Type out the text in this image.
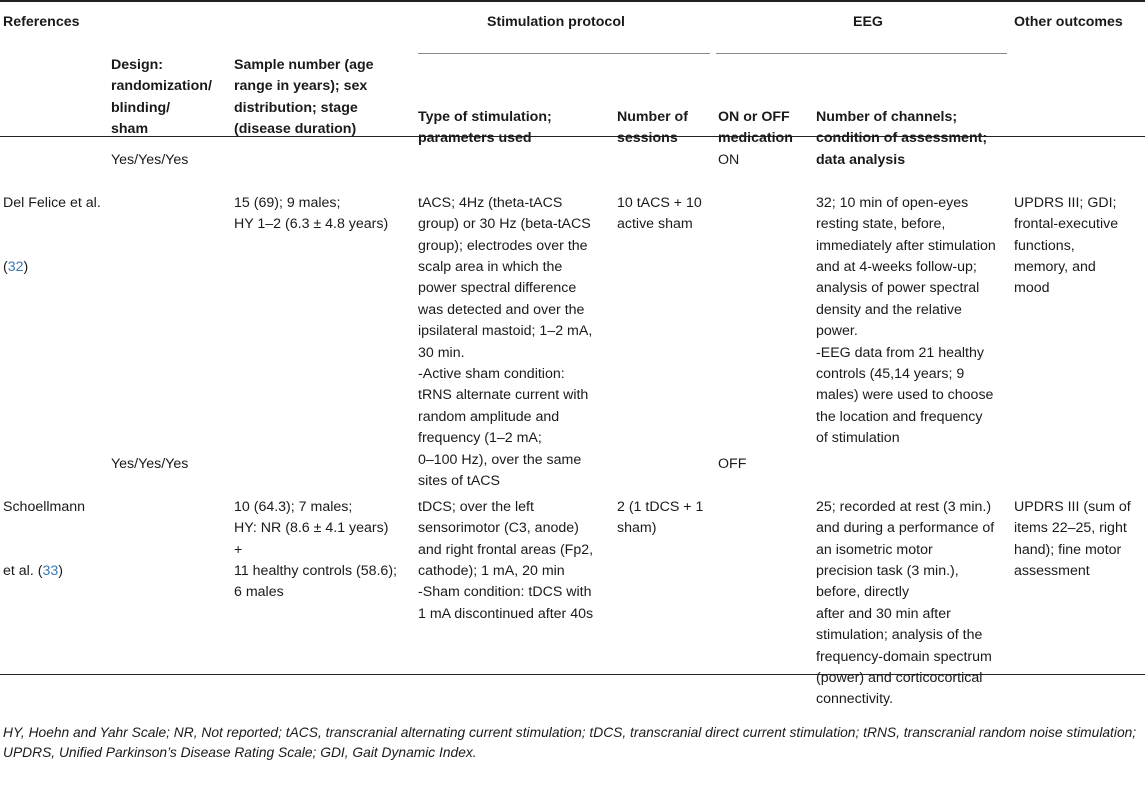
References

Design:
randomization/
blinding/
sham

Sample number (age
range in years); sex
distribution; stage
(disease duration)

Stimulation protocol	EEG	Other outcomes

Type of stimulation;
parameters used

Number of
sessions

ON or OFF
medication

Number of channels;
condition of assessment;
data analysis

Del Felice et al.

(32)

Yes/Yes/Yes

15 (69); 9 males;
HY 1–2 (6.3 ± 4.8 years)

tACS; 4Hz (theta-tACS
group) or 30 Hz (beta-tACS
group); electrodes over the
scalp area in which the
power spectral difference
was detected and over the
ipsilateral mastoid; 1–2 mA,
30 min.
-Active sham condition:
tRNS alternate current with
random amplitude and
frequency (1–2 mA;
0–100 Hz), over the same
sites of tACS

10 tACS + 10
active sham

ON

32; 10 min of open-eyes
resting state, before,
immediately after stimulation
and at 4-weeks follow-up;
analysis of power spectral
density and the relative
power.
-EEG data from 21 healthy
controls (45,14 years; 9
males) were used to choose
the location and frequency
of stimulation

UPDRS III; GDI;
frontal-executive
functions,
memory, and
mood

Schoellmann

et al. (33)

Yes/Yes/Yes

10 (64.3); 7 males;
HY: NR (8.6 ± 4.1 years)
+
11 healthy controls (58.6);
6 males

tDCS; over the left
sensorimotor (C3, anode)
and right frontal areas (Fp2,
cathode); 1 mA, 20 min
-Sham condition: tDCS with
1 mA discontinued after 40s

2 (1 tDCS + 1
sham)

OFF

25; recorded at rest (3 min.)
and during a performance of
an isometric motor
precision task (3 min.),
before, directly
after and 30 min after
stimulation; analysis of the
frequency-domain spectrum
(power) and corticocortical
connectivity.

UPDRS III (sum of
items 22–25, right
hand); fine motor
assessment

HY, Hoehn and Yahr Scale; NR, Not reported; tACS, transcranial alternating current stimulation; tDCS, transcranial direct current stimulation; tRNS, transcranial random noise stimulation;
UPDRS, Unified Parkinson’s Disease Rating Scale; GDI, Gait Dynamic Index.
